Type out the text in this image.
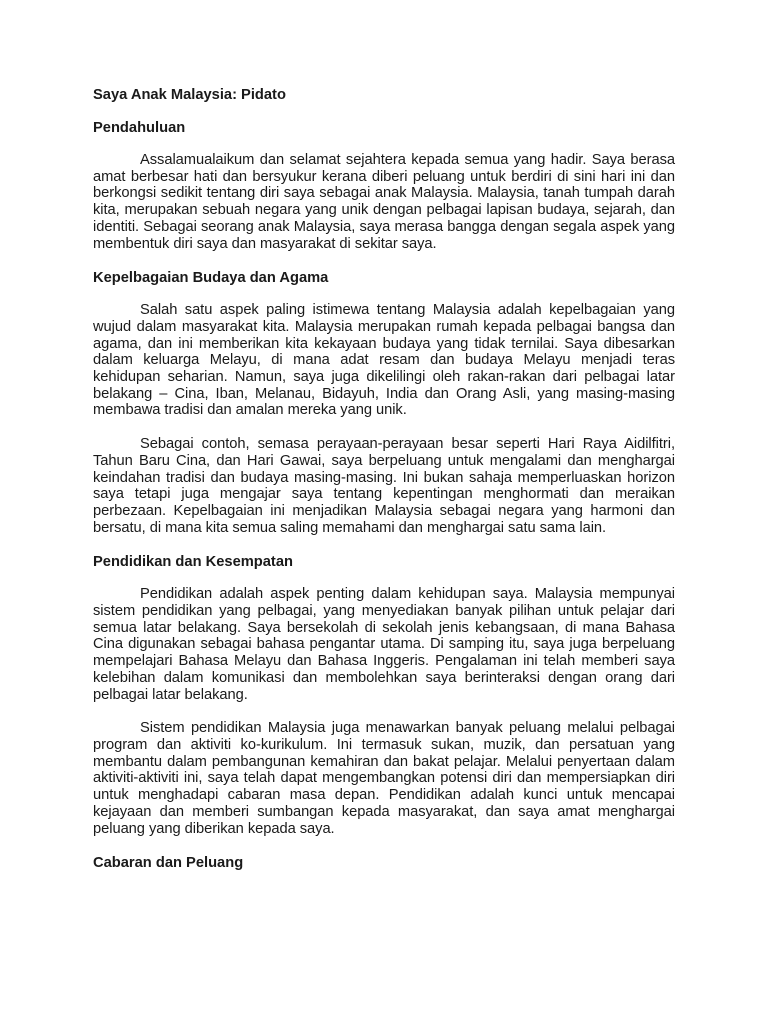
Saya Anak Malaysia: Pidato
Pendahuluan

Assalamualaikum dan selamat sejahtera kepada semua yang hadir. Saya berasa amat berbesar hati dan bersyukur kerana diberi peluang untuk berdiri di sini hari ini dan berkongsi sedikit tentang diri saya sebagai anak Malaysia. Malaysia, tanah tumpah darah kita, merupakan sebuah negara yang unik dengan pelbagai lapisan budaya, sejarah, dan identiti. Sebagai seorang anak Malaysia, saya merasa bangga dengan segala aspek yang membentuk diri saya dan masyarakat di sekitar saya.

Kepelbagaian Budaya dan Agama

Salah satu aspek paling istimewa tentang Malaysia adalah kepelbagaian yang wujud dalam masyarakat kita. Malaysia merupakan rumah kepada pelbagai bangsa dan agama, dan ini memberikan kita kekayaan budaya yang tidak ternilai. Saya dibesarkan dalam keluarga Melayu, di mana adat resam dan budaya Melayu menjadi teras kehidupan seharian. Namun, saya juga dikelilingi oleh rakan-rakan dari pelbagai latar belakang – Cina, Iban, Melanau, Bidayuh, India dan Orang Asli, yang masing-masing membawa tradisi dan amalan mereka yang unik.

Sebagai contoh, semasa perayaan-perayaan besar seperti Hari Raya Aidilfitri, Tahun Baru Cina, dan Hari Gawai, saya berpeluang untuk mengalami dan menghargai keindahan tradisi dan budaya masing-masing. Ini bukan sahaja memperluaskan horizon saya tetapi juga mengajar saya tentang kepentingan menghormati dan meraikan perbezaan. Kepelbagaian ini menjadikan Malaysia sebagai negara yang harmoni dan bersatu, di mana kita semua saling memahami dan menghargai satu sama lain.

Pendidikan dan Kesempatan

Pendidikan adalah aspek penting dalam kehidupan saya. Malaysia mempunyai sistem pendidikan yang pelbagai, yang menyediakan banyak pilihan untuk pelajar dari semua latar belakang. Saya bersekolah di sekolah jenis kebangsaan, di mana Bahasa Cina digunakan sebagai bahasa pengantar utama. Di samping itu, saya juga berpeluang mempelajari Bahasa Melayu dan Bahasa Inggeris. Pengalaman ini telah memberi saya kelebihan dalam komunikasi dan membolehkan saya berinteraksi dengan orang dari pelbagai latar belakang.

Sistem pendidikan Malaysia juga menawarkan banyak peluang melalui pelbagai program dan aktiviti ko-kurikulum. Ini termasuk sukan, muzik, dan persatuan yang membantu dalam pembangunan kemahiran dan bakat pelajar. Melalui penyertaan dalam aktiviti-aktiviti ini, saya telah dapat mengembangkan potensi diri dan mempersiapkan diri untuk menghadapi cabaran masa depan. Pendidikan adalah kunci untuk mencapai kejayaan dan memberi sumbangan kepada masyarakat, dan saya amat menghargai peluang yang diberikan kepada saya.

Cabaran dan Peluang
